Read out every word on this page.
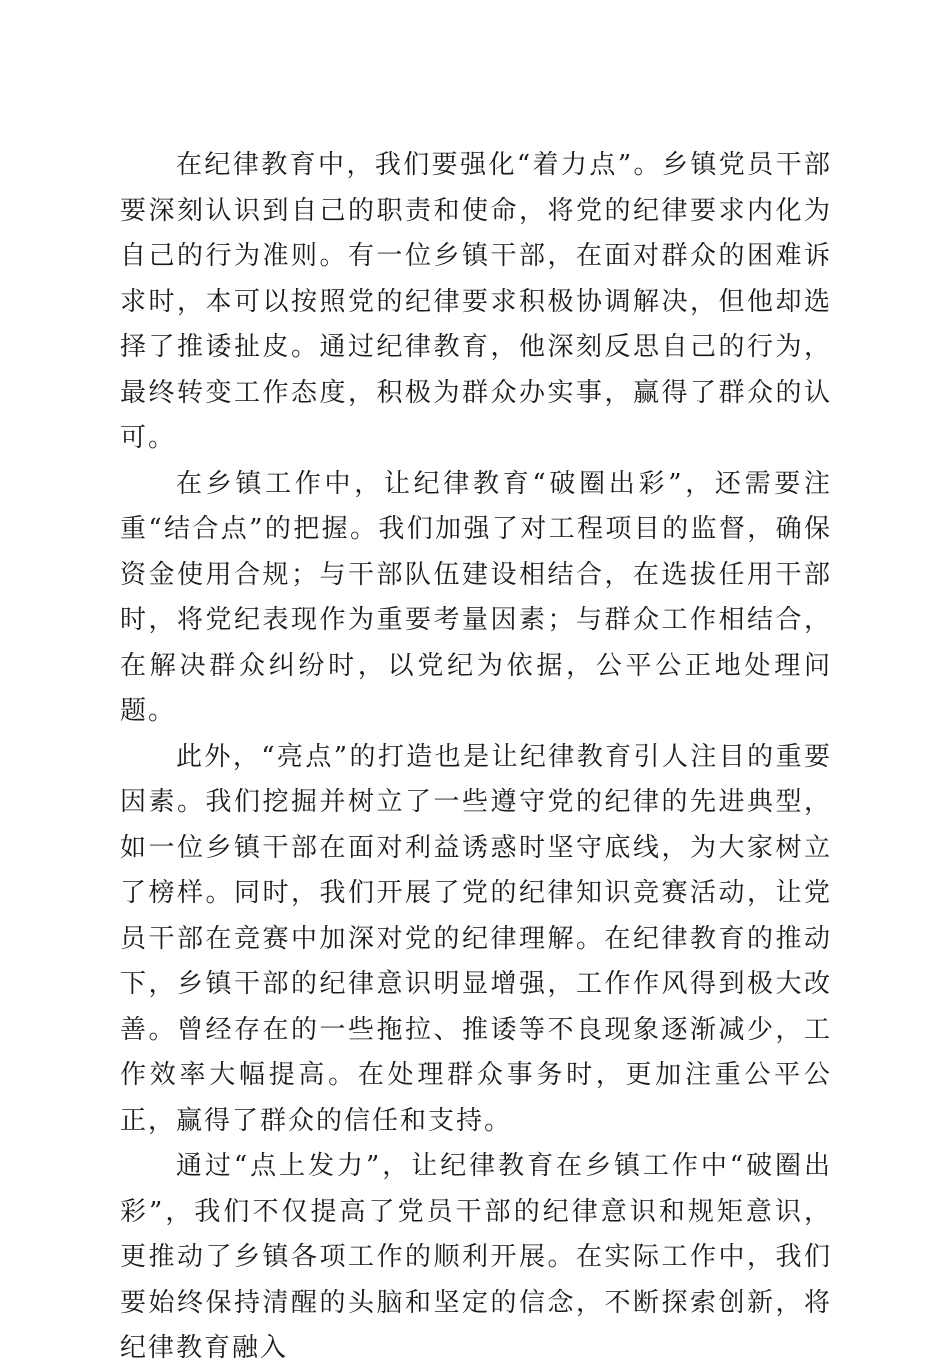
在纪律教育中，我们要强化“着力点”。乡镇党员干部要深刻认识到自己的职责和使命，将党的纪律要求内化为自己的行为准则。有一位乡镇干部，在面对群众的困难诉求时，本可以按照党的纪律要求积极协调解决，但他却选择了推诿扯皮。通过纪律教育，他深刻反思自己的行为，最终转变工作态度，积极为群众办实事，赢得了群众的认可。

在乡镇工作中，让纪律教育“破圈出彩”，还需要注重“结合点”的把握。我们加强了对工程项目的监督，确保资金使用合规；与干部队伍建设相结合，在选拔任用干部时，将党纪表现作为重要考量因素；与群众工作相结合，在解决群众纠纷时，以党纪为依据，公平公正地处理问题。

此外，“亮点”的打造也是让纪律教育引人注目的重要因素。我们挖掘并树立了一些遵守党的纪律的先进典型，如一位乡镇干部在面对利益诱惑时坚守底线，为大家树立了榜样。同时，我们开展了党的纪律知识竞赛活动，让党员干部在竞赛中加深对党的纪律理解。在纪律教育的推动下，乡镇干部的纪律意识明显增强，工作作风得到极大改善。曾经存在的一些拖拉、推诿等不良现象逐渐减少，工作效率大幅提高。在处理群众事务时，更加注重公平公正，赢得了群众的信任和支持。

通过“点上发力”，让纪律教育在乡镇工作中“破圈出彩”，我们不仅提高了党员干部的纪律意识和规矩意识，更推动了乡镇各项工作的顺利开展。在实际工作中，我们要始终保持清醒的头脑和坚定的信念，不断探索创新，将纪律教育融入
